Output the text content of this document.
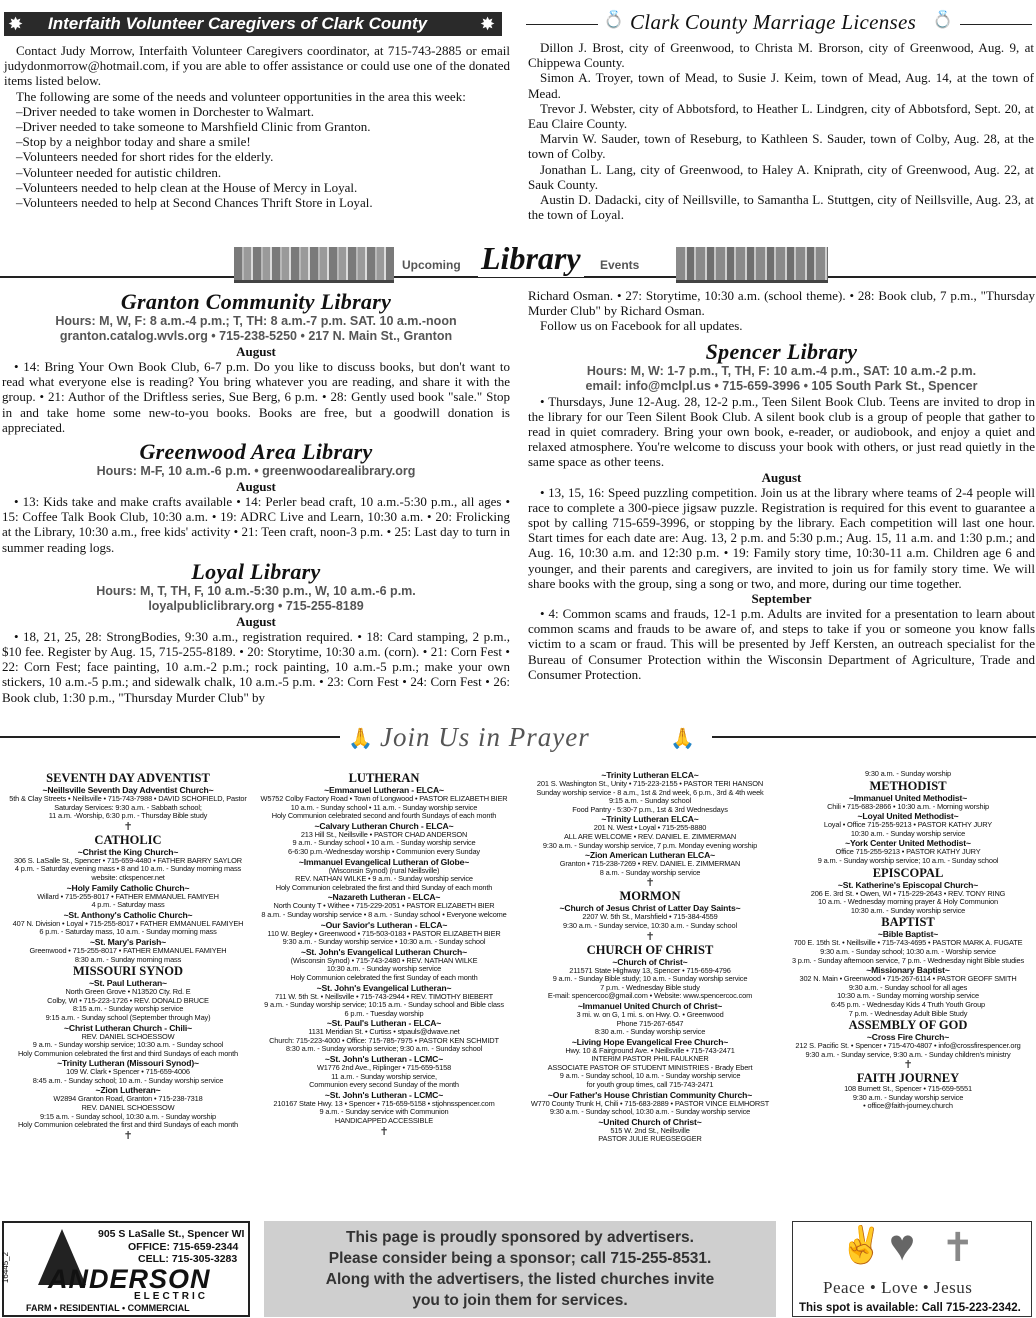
✸ Interfaith Volunteer Caregivers of Clark County	✸

Contact Judy Morrow, Interfaith Volunteer Caregivers coordinator, at 715-743-2885 or email judydonmorrow@hotmail.com, if you are able to offer assistance or could use one of the donated items listed below.

The following are some of the needs and volunteer opportunities in the area this week:

–Driver needed to take women in Dorchester to Walmart.

–Driver needed to take someone to Marshfield Clinic from Granton.

–Stop by a neighbor today and share a smile!

–Volunteers needed for short rides for the elderly.

–Volunteer needed for autistic children.

–Volunteers needed to help clean at the House of Mercy in Loyal.

–Volunteers needed to help at Second Chances Thrift Store in Loyal.

💍 Clark County Marriage Licenses 💍

Dillon J. Brost, city of Greenwood, to Christa M. Brorson, city of Greenwood, Aug. 9, at Chippewa County.

Simon A. Troyer, town of Mead, to Susie J. Keim, town of Mead, Aug. 14, at the town of Mead.

Trevor J. Webster, city of Abbotsford, to Heather L. Lindgren, city of Abbotsford, Sept. 20, at Eau Claire County.

Marvin W. Sauder, town of Reseburg, to Kathleen S. Sauder, town of Colby, Aug. 28, at the town of Colby.

Jonathan L. Lang, city of Greenwood, to Haley A. Kniprath, city of Greenwood, Aug. 22, at Sauk County.

Austin D. Dadacki, city of Neillsville, to Samantha L. Stuttgen, city of Neillsville, Aug. 23, at the town of Loyal.

Upcoming Library Events
Granton Community Library
Hours: M, W, F: 8 a.m.-4 p.m.; T, TH: 8 a.m.-7 p.m. SAT. 10 a.m.-noon
granton.catalog.wvls.org • 715-238-5250 • 217 N. Main St., Granton
August

• 14: Bring Your Own Book Club, 6-7 p.m. Do you like to discuss books, but don't want to read what everyone else is reading? You bring whatever you are reading, and share it with the group. • 21: Author of the Driftless series, Sue Berg, 6 p.m. • 28: Gently used book "sale." Stop in and take home some new-to-you books. Books are free, but a goodwill donation is appreciated.

Greenwood Area Library
Hours: M-F, 10 a.m.-6 p.m. • greenwoodarealibrary.org
August

• 13: Kids take and make crafts available • 14: Perler bead craft, 10 a.m.-5:30 p.m., all ages • 15: Coffee Talk Book Club, 10:30 a.m. • 19: ADRC Live and Learn, 10:30 a.m. • 20: Frolicking at the Library, 10:30 a.m., free kids' activity • 21: Teen craft, noon-3 p.m. • 25: Last day to turn in summer reading logs.

Loyal Library
Hours: M, T, TH, F, 10 a.m.-5:30 p.m., W, 10 a.m.-6 p.m.
loyalpubliclibrary.org • 715-255-8189
August

• 18, 21, 25, 28: StrongBodies, 9:30 a.m., registration required. • 18: Card stamping, 2 p.m., $10 fee. Register by Aug. 15, 715-255-8189. • 20: Storytime, 10:30 a.m. (corn). • 21: Corn Fest • 22: Corn Fest; face painting, 10 a.m.-2 p.m.; rock painting, 10 a.m.-5 p.m.; make your own stickers, 10 a.m.-5 p.m.; and sidewalk chalk, 10 a.m.-5 p.m. • 23: Corn Fest • 24: Corn Fest • 26: Book club, 1:30 p.m., "Thursday Murder Club" by

Richard Osman. • 27: Storytime, 10:30 a.m. (school theme). • 28: Book club, 7 p.m., "Thursday Murder Club" by Richard Osman.

Follow us on Facebook for all updates.

Spencer Library
Hours: M, W: 1-7 p.m., T, TH, F: 10 a.m.-4 p.m., SAT: 10 a.m.-2 p.m.
email: info@mclpl.us • 715-659-3996 • 105 South Park St., Spencer

• Thursdays, June 12-Aug. 28, 12-2 p.m., Teen Silent Book Club. Teens are invited to drop in the library for our Teen Silent Book Club. A silent book club is a group of people that gather to read in quiet comradery. Bring your own book, e-reader, or audiobook, and enjoy a quiet and relaxed atmosphere. You're welcome to discuss your book with others, or just read quietly in the same space as other teens.

August

• 13, 15, 16: Speed puzzling competition. Join us at the library where teams of 2-4 people will race to complete a 300-piece jigsaw puzzle. Registration is required for this event to guarantee a spot by calling 715-659-3996, or stopping by the library. Each competition will last one hour. Start times for each date are: Aug. 13, 2 p.m. and 5:30 p.m.; Aug. 15, 11 a.m. and 1:30 p.m.; and Aug. 16, 10:30 a.m. and 12:30 p.m. • 19: Family story time, 10:30-11 a.m. Children age 6 and younger, and their parents and caregivers, are invited to join us for family story time. We will share books with the group, sing a song or two, and more, during our time together.

September

• 4: Common scams and frauds, 12-1 p.m. Adults are invited for a presentation to learn about common scams and frauds to be aware of, and steps to take if you or someone you know falls victim to a scam or fraud. This will be presented by Jeff Kersten, an outreach specialist for the Bureau of Consumer Protection within the Wisconsin Department of Agriculture, Trade and Consumer Protection.

🙏 Join Us in Prayer	🙏
SEVENTH DAY ADVENTIST
~Neillsville Seventh Day Adventist Church~
5th & Clay Streets • Neillsville • 715-743-7988 • DAVID SCHOFIELD, Pastor
Saturday Services: 9:30 a.m. - Sabbath school;
11 a.m. -Worship, 6:30 p.m. - Thursday Bible study
✝
CATHOLIC
~Christ the King Church~
306 S. LaSalle St., Spencer • 715-659-4480 • FATHER BARRY SAYLOR
4 p.m. - Saturday evening mass • 8 and 10 a.m. - Sunday morning mass
website: ctkspencer.net
~Holy Family Catholic Church~
Willard • 715-255-8017 • FATHER EMMANUEL FAMIYEH
4 p.m. - Saturday mass
~St. Anthony's Catholic Church~
407 N. Division • Loyal • 715-255-8017 • FATHER EMMANUEL FAMIYEH
6 p.m. - Saturday mass, 10 a.m. - Sunday morning mass
~St. Mary's Parish~
Greenwood • 715-255-8017 • FATHER EMMANUEL FAMIYEH
8:30 a.m. - Sunday morning mass
MISSOURI SYNOD
~St. Paul Lutheran~
North Green Grove • N13520 Cty. Rd. E
Colby, WI • 715-223-1726 • REV. DONALD BRUCE
8:15 a.m. - Sunday worship service
9:15 a.m. - Sunday school (September through May)
~Christ Lutheran Church - Chili~
REV. DANIEL SCHOESSOW
9 a.m. - Sunday worship service; 10:30 a.m. - Sunday school
Holy Communion celebrated the first and third Sundays of each month
~Trinity Lutheran (Missouri Synod)~
109 W. Clark • Spencer • 715-659-4006
8:45 a.m. - Sunday school; 10 a.m. - Sunday worship service
~Zion Lutheran~
W2894 Granton Road, Granton • 715-238-7318
REV. DANIEL SCHOESSOW
9:15 a.m. - Sunday school, 10:30 a.m. - Sunday worship
Holy Communion celebrated the first and third Sundays of each month
✝
LUTHERAN
~Emmanuel Lutheran - ELCA~
W5752 Colby Factory Road • Town of Longwood • PASTOR ELIZABETH BIER
10 a.m. - Sunday school • 11 a.m. - Sunday worship service
Holy Communion celebrated second and fourth Sundays of each month
~Calvary Lutheran Church - ELCA~
213 Hill St., Neillsville • PASTOR CHAD ANDERSON
9 a.m. - Sunday school • 10 a.m. - Sunday worship service
6-6:30 p.m.-Wednesday worship • Communion every Sunday
~Immanuel Evangelical Lutheran of Globe~
(Wisconsin Synod) (rural Neillsville)
REV. NATHAN WILKE • 9 a.m. - Sunday worship service
Holy Communion celebrated the first and third Sunday of each month
~Nazareth Lutheran - ELCA~
North County T • Withee • 715-229-2051 • PASTOR ELIZABETH BIER
8 a.m. - Sunday worship service • 8 a.m. - Sunday school • Everyone welcome
~Our Savior's Lutheran - ELCA~
110 W. Begley • Greenwood • 715-503-0183 • PASTOR ELIZABETH BIER
9:30 a.m. - Sunday worship service • 10:30 a.m. - Sunday school
~St. John's Evangelical Lutheran Church~
(Wisconsin Synod) • 715-743-2480 • REV. NATHAN WILKE
10:30 a.m. - Sunday worship service
Holy Communion celebrated the first Sunday of each month
~St. John's Evangelical Lutheran~
711 W. 5th St. • Neillsville • 715-743-2944 • REV. TIMOTHY BIEBERT
9 a.m. - Sunday worship service; 10:15 a.m. - Sunday school and Bible class
6 p.m. - Tuesday worship
~St. Paul's Lutheran - ELCA~
1131 Meridian St. • Curtiss • stpauls@dwave.net
Church: 715-223-4000 • Office: 715-785-7975 • PASTOR KEN SCHMIDT
8:30 a.m. - Sunday worship service; 9:30 a.m. - Sunday school
~St. John's Lutheran - LCMC~
W1776 2nd Ave., Riplinger • 715-659-5158
11 a.m. - Sunday worship service,
Communion every second Sunday of the month
~St. John's Lutheran - LCMC~
210167 State Hwy. 13 • Spencer • 715-659-5158 • stjohnsspencer.com
9 a.m. - Sunday service with Communion
HANDICAPPED ACCESSIBLE
✝
~Trinity Lutheran ELCA~
201 S. Washington St., Unity • 715-223-2155 • PASTOR TERI HANSON
Sunday worship service - 8 a.m., 1st & 2nd week, 6 p.m., 3rd & 4th week
9:15 a.m. - Sunday school
Food Pantry - 5:30-7 p.m., 1st & 3rd Wednesdays
~Trinity Lutheran ELCA~
201 N. West • Loyal • 715-255-8880
ALL ARE WELCOME • REV. DANIEL E. ZIMMERMAN
9:30 a.m. - Sunday worship service, 7 p.m. Monday evening worship
~Zion American Lutheran ELCA~
Granton • 715-238-7269 • REV. DANIEL E. ZIMMERMAN
8 a.m. - Sunday worship service
✝
MORMON
~Church of Jesus Christ of Latter Day Saints~
2207 W. 5th St., Marshfield • 715-384-4559
9:30 a.m. - Sunday service, 10:30 a.m. - Sunday school
✝
CHURCH OF CHRIST
~Church of Christ~
211571 State Highway 13, Spencer • 715-659-4796
9 a.m. - Sunday Bible study; 10 a.m. - Sunday worship service
7 p.m. - Wednesday Bible study
E-mail: spencercoc@gmail.com • Website: www.spencercoc.com
~Immanuel United Church of Christ~
3 mi. w. on G, 1 mi. s. on Hwy. O. • Greenwood
Phone 715-267-6547
8:30 a.m. - Sunday worship service
~Living Hope Evangelical Free Church~
Hwy. 10 & Fairground Ave. • Neillsville • 715-743-2471
INTERIM PASTOR PHIL FAULKNER
ASSOCIATE PASTOR OF STUDENT MINISTRIES - Brady Ebert
9 a.m. - Sunday school, 10 a.m. - Sunday worship service
for youth group times, call 715-743-2471
~Our Father's House Christian Community Church~
W770 County Trunk H, Chili • 715-683-2889 • PASTOR VINCE ELMHORST
9:30 a.m. - Sunday school, 10:30 a.m. - Sunday worship service
~United Church of Christ~
515 W. 2nd St., Neillsville
PASTOR JULIE RUEGSEGGER
9:30 a.m. - Sunday worship
METHODIST
~Immanuel United Methodist~
Chili • 715-683-2866 • 10:30 a.m. - Morning worship
~Loyal United Methodist~
Loyal • Office 715-255-9213 • PASTOR KATHY JURY
10:30 a.m. - Sunday worship service
~York Center United Methodist~
Office 715-255-9213 • PASTOR KATHY JURY
9 a.m. - Sunday worship service; 10 a.m. - Sunday school
EPISCOPAL
~St. Katherine's Episcopal Church~
206 E. 3rd St. • Owen, WI • 715-229-2643 • REV. TONY RING
10 a.m. - Wednesday morning prayer & Holy Communion
10:30 a.m. - Sunday worship service
BAPTIST
~Bible Baptist~
700 E. 15th St. • Neillsville • 715-743-4695 • PASTOR MARK A. FUGATE
9:30 a.m. - Sunday school; 10:30 a.m. - Worship service
3 p.m. - Sunday afternoon service, 7 p.m. - Wednesday night Bible studies
~Missionary Baptist~
302 N. Main • Greenwood • 715-267-6114 • PASTOR GEOFF SMITH
9:30 a.m. - Sunday school for all ages
10:30 a.m. - Sunday morning worship service
6:45 p.m. - Wednesday Kids 4 Truth Youth Group
7 p.m. - Wednesday Adult Bible Study
ASSEMBLY OF GOD
~Cross Fire Church~
212 S. Pacific St. • Spencer • 715-470-4807 • info@crossfirespencer.org
9:30 a.m. - Sunday service, 9:30 a.m. - Sunday children's ministry
✝
FAITH JOURNEY
108 Burnett St., Spencer • 715-659-5551
9:30 a.m. - Sunday worship service
• office@faith-journey.church
16445_2
905 S LaSalle St., Spencer WI
OFFICE: 715-659-2344
CELL: 715-305-3283
ANDERSON
ELECTRIC
FARM • RESIDENTIAL • COMMERCIAL
This page is proudly sponsored by advertisers.
Please consider being a sponsor; call 715-255-8531.
Along with the advertisers, the listed churches invite
you to join them for services.
✌ ♥ ✝
Peace • Love • Jesus
This spot is available: Call 715-223-2342.
